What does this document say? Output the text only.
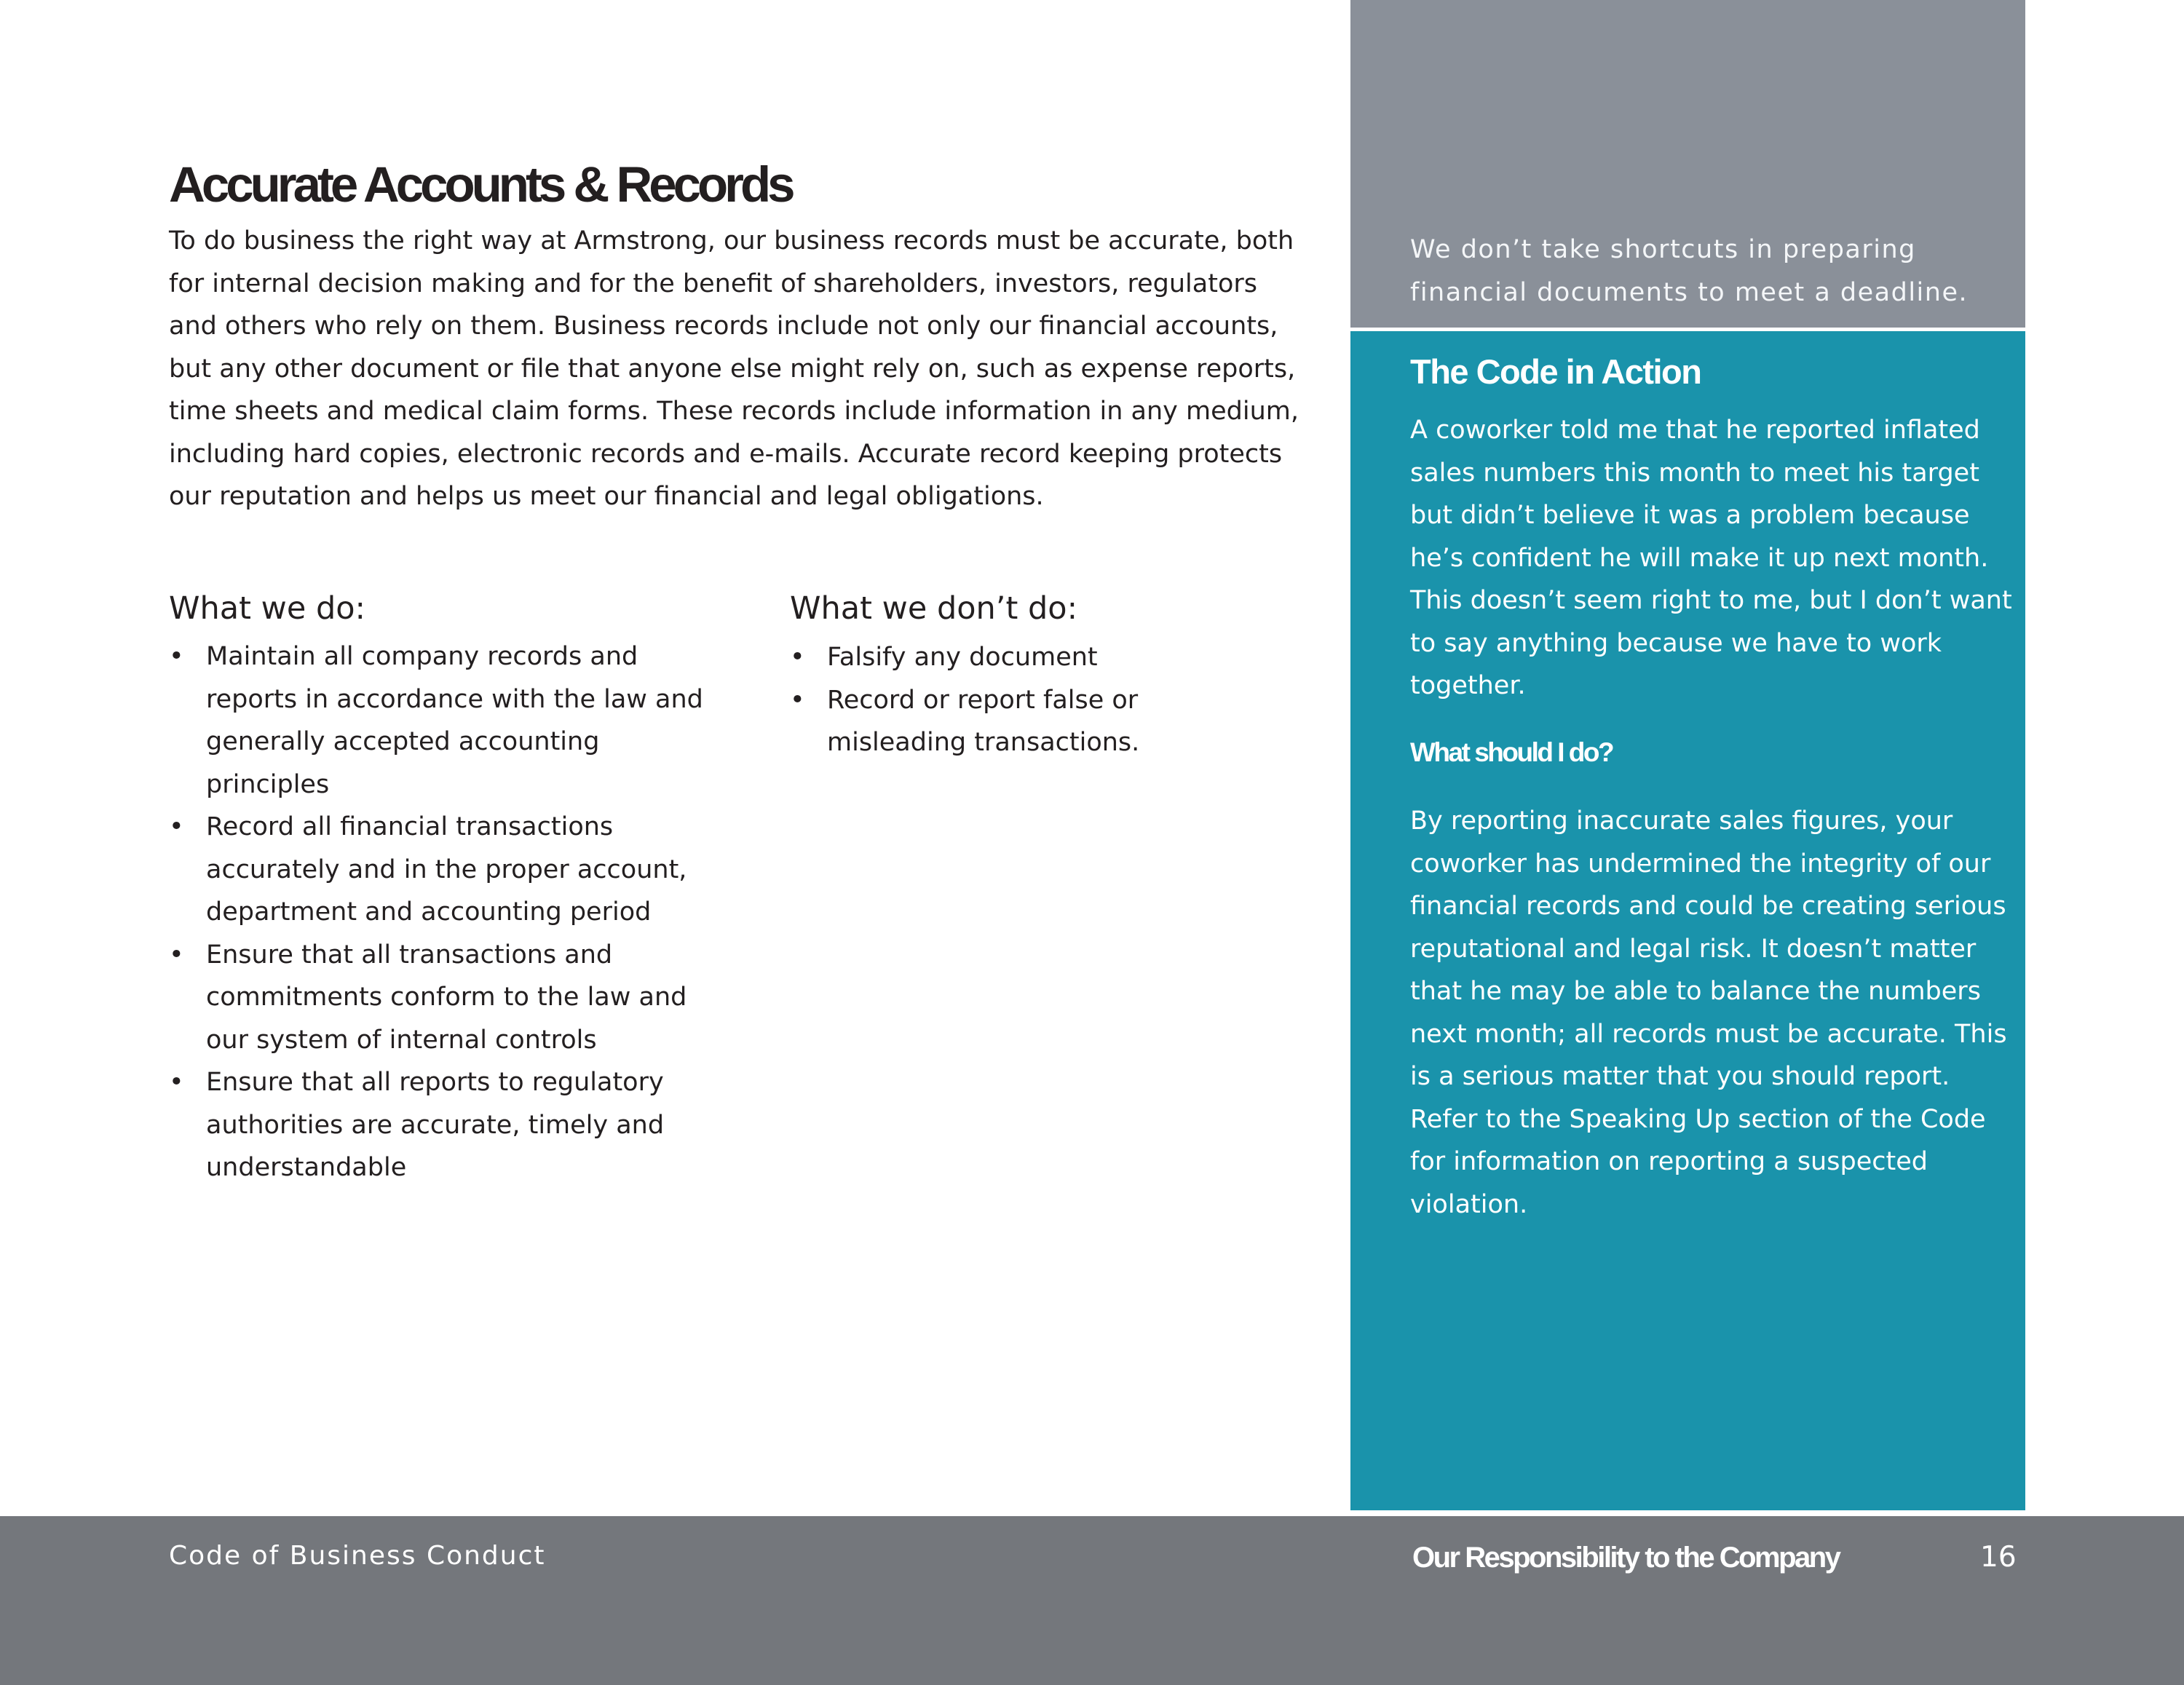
Accurate Accounts & Records

To do business the right way at Armstrong, our business records must be accurate, both for internal decision making and for the benefit of shareholders, investors, regulators and others who rely on them. Business records include not only our financial accounts, but any other document or file that anyone else might rely on, such as expense reports, time sheets and medical claim forms. These records include information in any medium, including hard copies, electronic records and e-mails. Accurate record keeping protects our reputation and helps us meet our financial and legal obligations.

What we do:
• Maintain all company records and reports in accordance with the law and generally accepted accounting principles
• Record all financial transactions accurately and in the proper account, department and accounting period
• Ensure that all transactions and commitments conform to the law and our system of internal controls
• Ensure that all reports to regulatory authorities are accurate, timely and understandable
What we don’t do:
• Falsify any document
• Record or report false or misleading transactions.

We don’t take shortcuts in preparing financial documents to meet a deadline.

The Code in Action

A coworker told me that he reported inflated sales numbers this month to meet his target but didn’t believe it was a problem because he’s confident he will make it up next month. This doesn’t seem right to me, but I don’t want to say anything because we have to work together.

What should I do?

By reporting inaccurate sales figures, your coworker has undermined the integrity of our financial records and could be creating serious reputational and legal risk. It doesn’t matter that he may be able to balance the numbers next month; all records must be accurate. This is a serious matter that you should report. Refer to the Speaking Up section of the Code for information on reporting a suspected violation.

Code of Business Conduct	Our Responsibility to the Company	16
